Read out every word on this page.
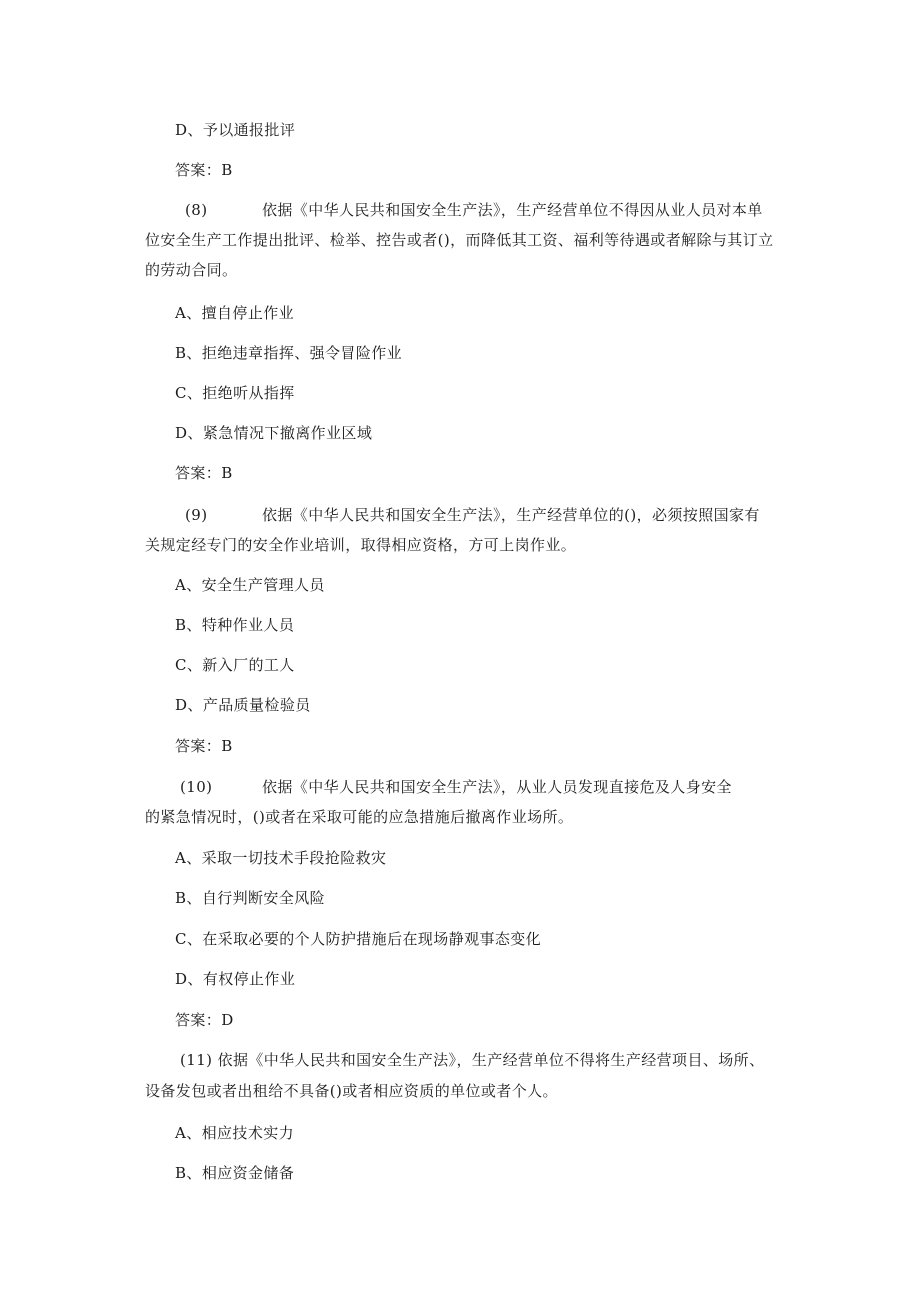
D、予以通报批评
答案：B
(8)	依据《中华人民共和国安全生产法》，生产经营单位不得因从业人员对本单
位安全生产工作提出批评、检举、控告或者()，而降低其工资、福利等待遇或者解除与其订立
的劳动合同。
A、擅自停止作业
B、拒绝违章指挥、强令冒险作业
C、拒绝听从指挥
D、紧急情况下撤离作业区域
答案：B
(9)	依据《中华人民共和国安全生产法》，生产经营单位的()，必须按照国家有
关规定经专门的安全作业培训，取得相应资格，方可上岗作业。
A、安全生产管理人员
B、特种作业人员
C、新入厂的工人
D、产品质量检验员
答案：B
(10)	依据《中华人民共和国安全生产法》，从业人员发现直接危及人身安全
的紧急情况时，()或者在采取可能的应急措施后撤离作业场所。
A、采取一切技术手段抢险救灾
B、自行判断安全风险
C、在采取必要的个人防护措施后在现场静观事态变化
D、有权停止作业
答案：D
(11) 依据《中华人民共和国安全生产法》，生产经营单位不得将生产经营项目、场所、
设备发包或者出租给不具备()或者相应资质的单位或者个人。
A、相应技术实力
B、相应资金储备
